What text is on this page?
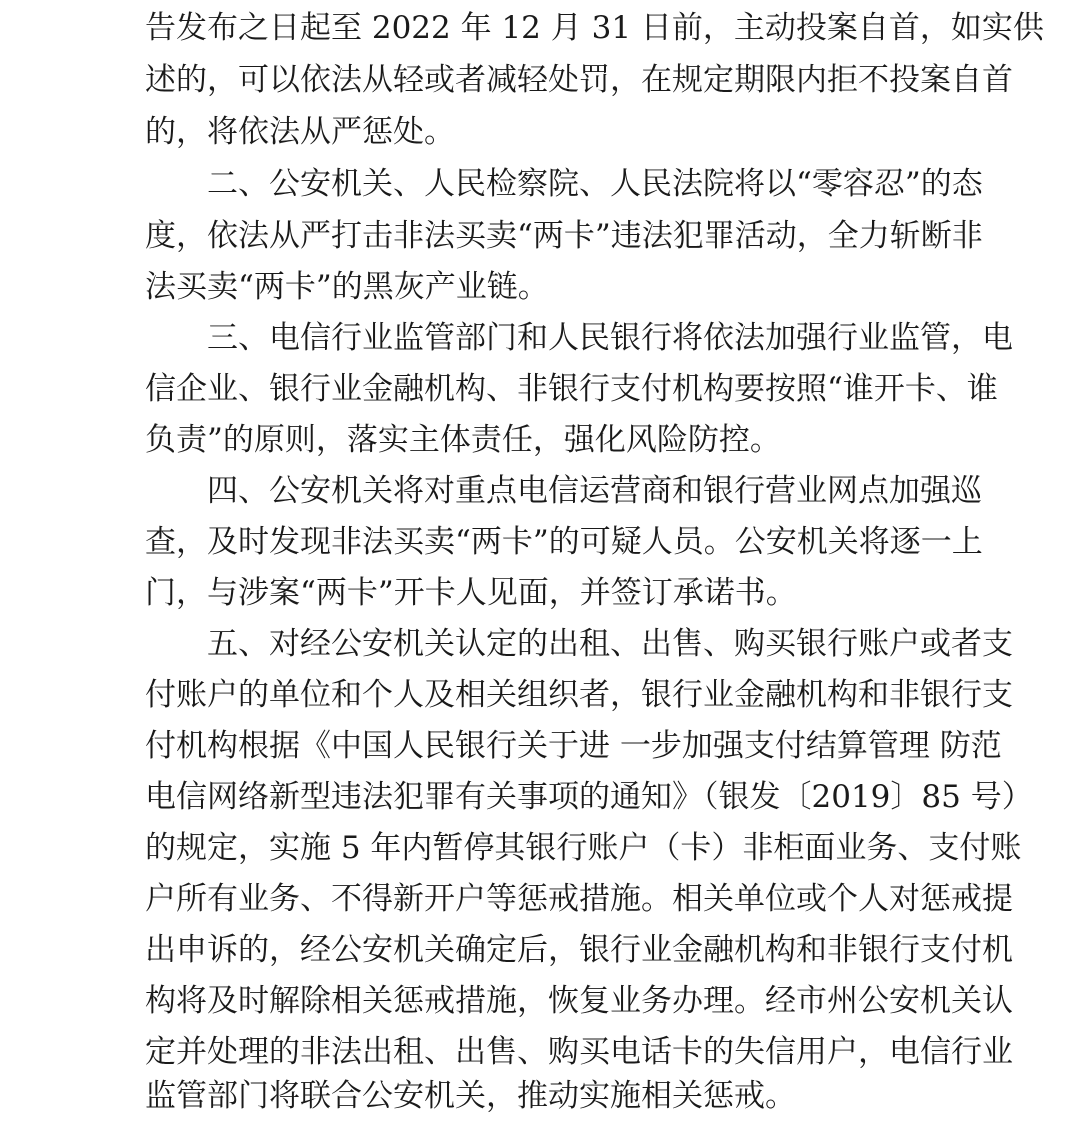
告发布之日起至 2022 年 12 月 31 日前，主动投案自首，如实供
述的，可以依法从轻或者减轻处罚，在规定期限内拒不投案自首
的，将依法从严惩处。
二、公安机关、人民检察院、人民法院将以“零容忍”的态
度，依法从严打击非法买卖“两卡”违法犯罪活动，全力斩断非
法买卖“两卡”的黑灰产业链。
三、电信行业监管部门和人民银行将依法加强行业监管，电
信企业、银行业金融机构、非银行支付机构要按照“谁开卡、谁
负责”的原则，落实主体责任，强化风险防控。
四、公安机关将对重点电信运营商和银行营业网点加强巡
查，及时发现非法买卖“两卡”的可疑人员。公安机关将逐一上
门，与涉案“两卡”开卡人见面，并签订承诺书。
五、对经公安机关认定的出租、出售、购买银行账户或者支
付账户的单位和个人及相关组织者，银行业金融机构和非银行支
付机构根据《中国人民银行关于进 一步加强支付结算管理 防范
电信网络新型违法犯罪有关事项的通知》（银发〔2019〕85 号）
的规定，实施 5 年内暂停其银行账户（卡）非柜面业务、支付账
户所有业务、不得新开户等惩戒措施。相关单位或个人对惩戒提
出申诉的，经公安机关确定后，银行业金融机构和非银行支付机
构将及时解除相关惩戒措施，恢复业务办理。经市州公安机关认
定并处理的非法出租、出售、购买电话卡的失信用户，电信行业
监管部门将联合公安机关，推动实施相关惩戒。
